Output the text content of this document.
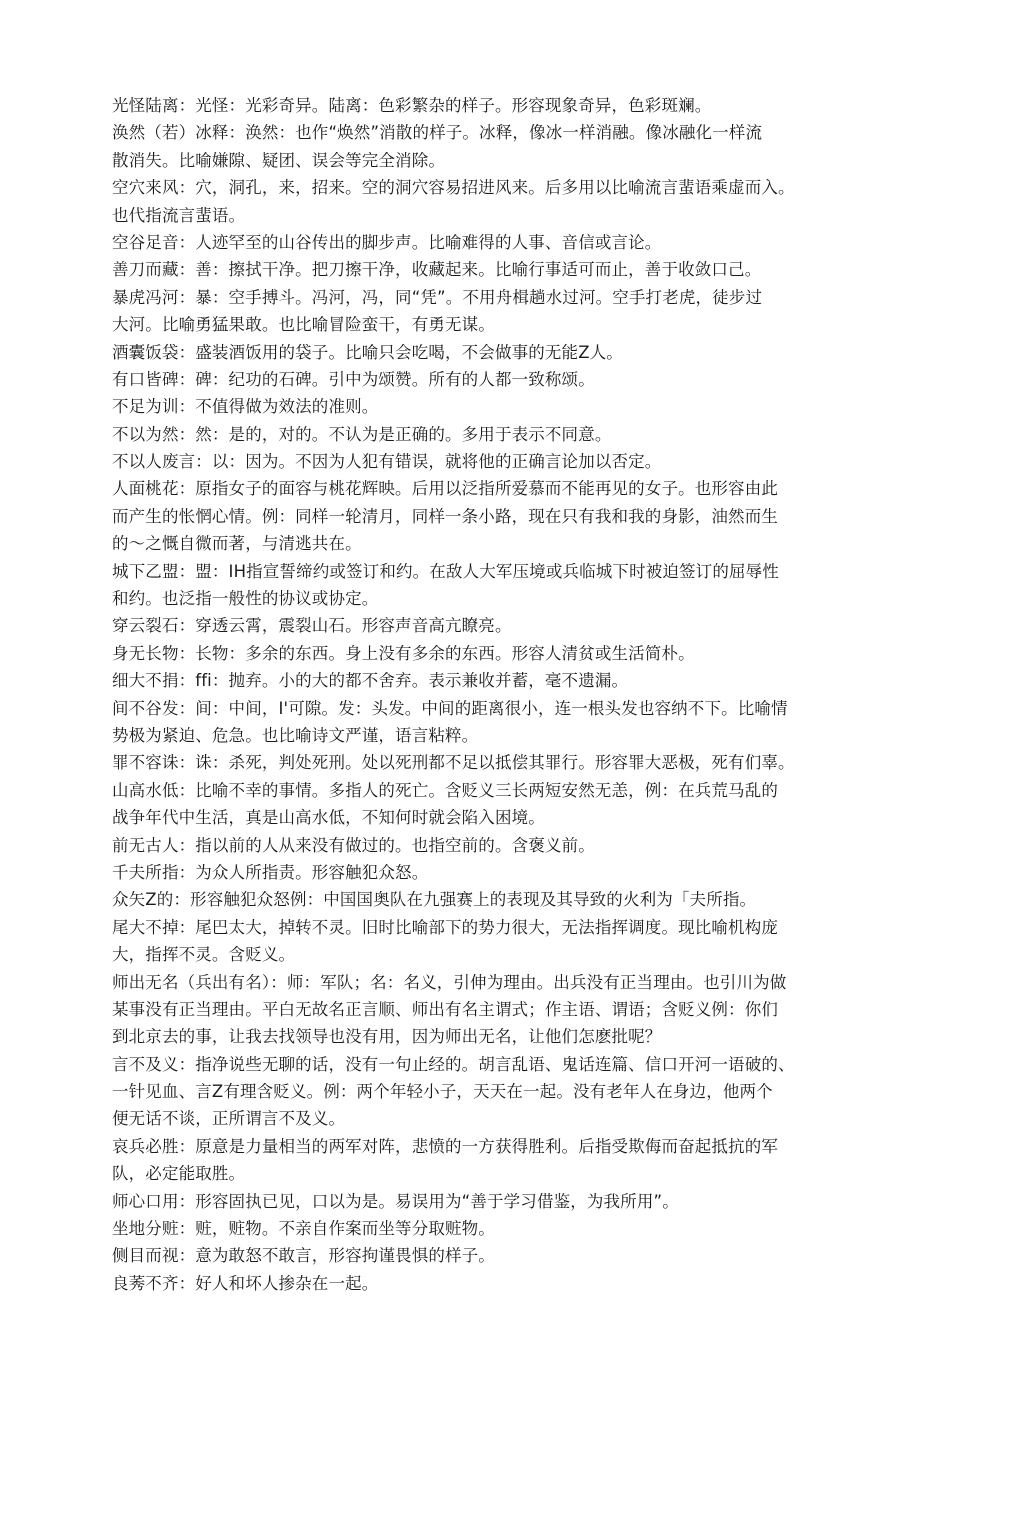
光怪陆离：光怪：光彩奇异。陆离：色彩繁杂的样子。形容现象奇异，色彩斑斓。
涣然（若）冰释：涣然：也作“焕然”消散的样子。冰释，像冰一样消融。像冰融化一样流
散消失。比喻嫌隙、疑团、误会等完全消除。
空穴来风：穴，洞孔，来，招来。空的洞穴容易招进风来。后多用以比喻流言蜚语乘虚而入。
也代指流言蜚语。
空谷足音：人迹罕至的山谷传出的脚步声。比喻难得的人事、音信或言论。
善刀而藏：善：擦拭干净。把刀擦干净，收藏起来。比喻行事适可而止，善于收敛口己。
暴虎冯河：暴：空手搏斗。冯河，冯，同“凭”。不用舟楫趟水过河。空手打老虎，徒步过
大河。比喻勇猛果敢。也比喻冒险蛮干，有勇无谋。
酒囊饭袋：盛装酒饭用的袋子。比喻只会吃喝，不会做事的无能Z人。
有口皆碑：碑：纪功的石碑。引中为颂赞。所有的人都一致称颂。
不足为训：不值得做为效法的准则。
不以为然：然：是的，对的。不认为是正确的。多用于表示不同意。
不以人废言：以：因为。不因为人犯有错误，就将他的正确言论加以否定。
人面桃花：原指女子的面容与桃花辉映。后用以泛指所爱慕而不能再见的女子。也形容由此
而产生的怅惘心情。例：同样一轮清月，同样一条小路，现在只有我和我的身影，油然而生
的～之慨自微而著，与清逃共在。
城下乙盟：盟：IH指宣誓缔约或签订和约。在敌人大军压境或兵临城下时被迫签订的屈辱性
和约。也泛指一般性的协议或协定。
穿云裂石：穿透云霄，震裂山石。形容声音高亢瞭亮。
身无长物：长物：多余的东西。身上没有多余的东西。形容人清贫或生活简朴。
细大不捐：ffi：抛弃。小的大的都不舍弃。表示兼收并蓄，毫不遗漏。
间不谷发：间：中间，I'可隙。发：头发。中间的距离很小，连一根头发也容纳不下。比喻情
势极为紧迫、危急。也比喻诗文严谨，语言粘粹。
罪不容诛：诛：杀死，判处死刑。处以死刑都不足以抵偿其罪行。形容罪大恶极，死有们辜。
山高水低：比喻不幸的事情。多指人的死亡。含贬义三长两短安然无恙，例：在兵荒马乱的
战争年代中生活，真是山高水低，不知何时就会陷入困境。
前无古人：指以前的人从来没有做过的。也指空前的。含褒义前。
千夫所指：为众人所指责。形容触犯众怒。
众矢Z的：形容触犯众怒例：中国国奥队在九强赛上的表现及其导致的火利为「夫所指。
尾大不掉：尾巴太大，掉转不灵。旧时比喻部下的势力很大，无法指挥调度。现比喻机构庞
大，指挥不灵。含贬义。
师出无名（兵出有名）：师：军队；名：名义，引伸为理由。出兵没有正当理由。也引川为做
某事没有正当理由。平白无故名正言顺、师出有名主谓式；作主语、谓语；含贬义例：你们
到北京去的事，让我去找领导也没有用，因为师出无名，让他们怎麽批呢？
言不及义：指净说些无聊的话，没有一句止经的。胡言乱语、鬼话连篇、信口开河一语破的、
一针见血、言Z有理含贬义。例：两个年轻小子，天天在一起。没有老年人在身边，他两个
便无话不谈，正所谓言不及义。
哀兵必胜：原意是力量相当的两军对阵，悲愤的一方获得胜利。后指受欺侮而奋起抵抗的军
队，必定能取胜。
师心口用：形容固执已见，口以为是。易误用为“善于学习借鉴，为我所用”。
坐地分赃：赃，赃物。不亲自作案而坐等分取赃物。
侧目而视：意为敢怒不敢言，形容拘谨畏惧的样子。
良莠不齐：好人和坏人掺杂在一起。
